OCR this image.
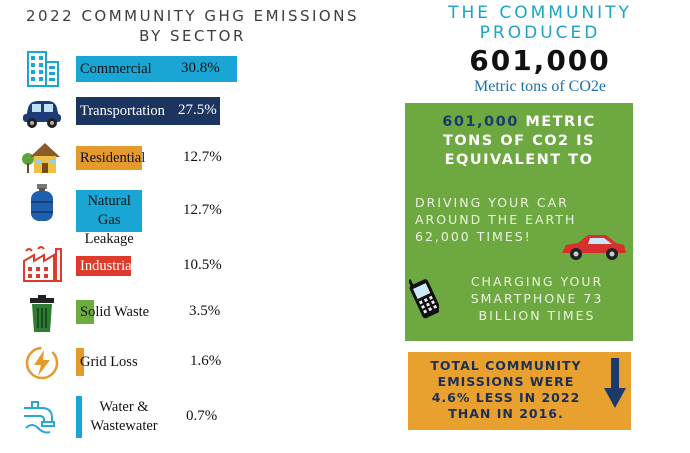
2022 COMMUNITY GHG EMISSIONS
BY SECTOR
Commercial 30.8%
Transportation 27.5%
Residential	12.7%
Natural Gas Leakage
12.7%
Industrial	10.5%
Solid Waste	3.5%
Grid Loss	1.6%
Water & Wastewater
0.7%
THE COMMUNITY
PRODUCED
601,000
Metric tons of CO2e
601,000 METRIC
TONS OF CO2 IS
EQUIVALENT TO
DRIVING YOUR CAR
AROUND THE EARTH
62,000 TIMES!
CHARGING YOUR
SMARTPHONE 73
BILLION TIMES
TOTAL COMMUNITY
EMISSIONS WERE
4.6% LESS IN 2022
THAN IN 2016.
